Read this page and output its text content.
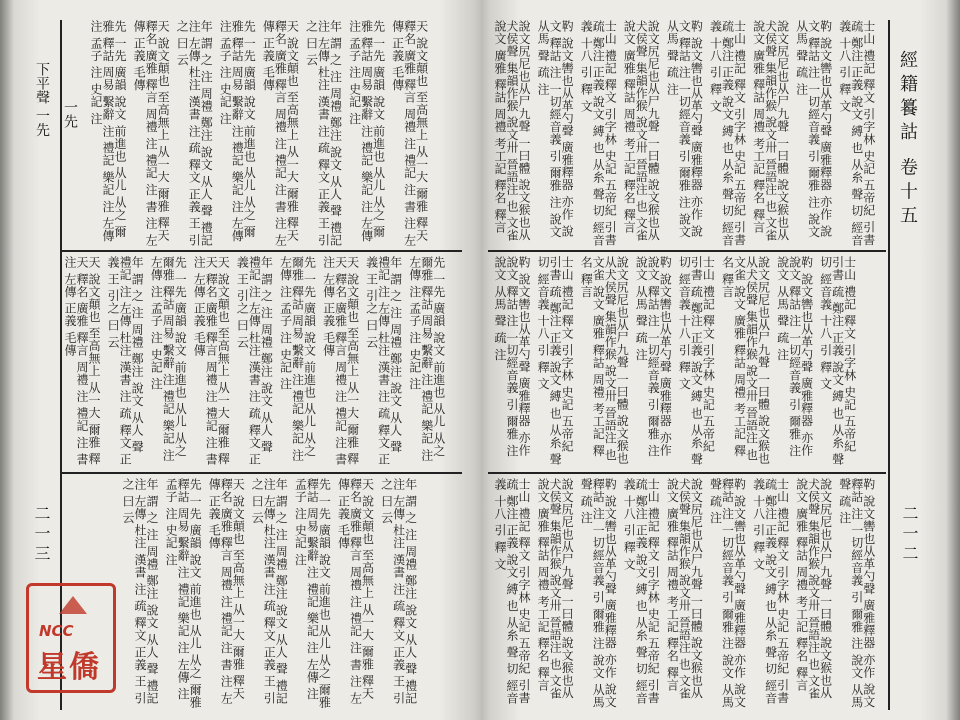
下平聲 一先 一先	先 一先 廣韻 說文 前進也 从儿 从之 爾雅 釋詁 周易 繫辭 注 禮記 樂記 注 左傳 注 孟子 注 史記 注	天 說文顛也 至高無上 从一大 爾雅 釋天 釋名 廣雅 釋言 周禮 注 禮記 注 書 注 左傳 正義 毛傳	年 謂 之 注 周禮 鄭注 說文 从人 聲 禮記 注 左傳 杜注 漢書 注 疏 釋文 正義 王 引之 曰 云	先 一先 廣韻 說文 前進也 从儿 从之 爾雅 釋詁 周易 繫辭 注 禮記 樂記 注 左傳 注 孟子 注 史記 注	天 說文顛也 至高無上 从一大 爾雅 釋天 釋名 廣雅 釋言 周禮 注 禮記 注 書 注 左傳 正義 毛傳	年 謂 之 注 周禮 鄭注 說文 从人 聲 禮記 注 左傳 杜注 漢書 注 疏 釋文 正義 王 引之 曰 云	先 一先 廣韻 說文 前進也 从儿 从之 爾雅 釋詁 周易 繫辭 注 禮記 樂記 注 左傳 注 孟子 注 史記 注	天 說文顛也 至高無上 从一大 爾雅 釋天 釋名 廣雅 釋言 周禮 注 禮記 注 書 注 左傳 正義 毛傳
天 說文顛也 至高無上 从一大 爾雅 釋天 釋名 廣雅 釋言 周禮 注 禮記 注 書 注 左傳 正義 毛傳	年 謂 之 注 周禮 鄭注 說文 从人 聲 禮記 注 左傳 杜注 漢書 注 疏 釋文 正義 王 引之 曰 云	先 一先 廣韻 說文 前進也 从儿 从之 爾雅 釋詁 周易 繫辭 注 禮記 樂記 注 左傳 注 孟子 注 史記 注	天 說文顛也 至高無上 从一大 爾雅 釋天 釋名 廣雅 釋言 周禮 注 禮記 注 書 注 左傳 正義 毛傳	年 謂 之 注 周禮 鄭注 說文 从人 聲 禮記 注 左傳 杜注 漢書 注 疏 釋文 正義 王 引之 曰 云	先 一先 廣韻 說文 前進也 从儿 从之 爾雅 釋詁 周易 繫辭 注 禮記 樂記 注 左傳 注 孟子 注 史記 注	天 說文顛也 至高無上 从一大 爾雅 釋天 釋名 廣雅 釋言 周禮 注 禮記 注 書 注 左傳 正義 毛傳	年 謂 之 注 周禮 鄭注 說文 从人 聲 禮記 注 左傳 杜注 漢書 注 疏 釋文 正義 王 引之 曰 云	先 一先 廣韻 說文 前進也 从儿 从之 爾雅 釋詁 周易 繫辭 注 禮記 樂記 注 左傳 注 孟子 注 史記 注
年 謂 之 注 周禮 鄭注 說文 从人 聲 禮記 注 左傳 杜注 漢書 注 疏 釋文 正義 王 引之 曰 云	先 一先 廣韻 說文 前進也 从儿 从之 爾雅 釋詁 周易 繫辭 注 禮記 樂記 注 左傳 注 孟子 注 史記 注	天 說文顛也 至高無上 从一大 爾雅 釋天 釋名 廣雅 釋言 周禮 注 禮記 注 書 注 左傳 正義 毛傳	年 謂 之 注 周禮 鄭注 說文 从人 聲 禮記 注 左傳 杜注 漢書 注 疏 釋文 正義 王 引之 曰 云	先 一先 廣韻 說文 前進也 从儿 从之 爾雅 釋詁 周易 繫辭 注 禮記 樂記 注 左傳 注 孟子 注 史記 注	天 說文顛也 至高無上 从一大 爾雅 釋天 釋名 廣雅 釋言 周禮 注 禮記 注 書 注 左傳 正義 毛傳	年 謂 之 注 周禮 鄭注 說文 从人 聲 禮記 注 左傳 杜注 漢書 注 疏 釋文 正義 王 引之 曰 云
二一三
經籍籑詁 卷十五
說文尻尼也从尸九聲 一曰體 說文猴也从犬侯聲 集韻作猴 說文卅 晉語注 也 文雀 說文 廣雅 釋詁 周禮 考工記 釋名 釋言	靮 說文轡也从革勺聲 廣雅釋器 亦作 說文 釋詁 注 一切經音義 引 爾雅 注 說文 从馬 聲 疏 注	士山 禮記 釋文 引字林 史記 五帝紀 引書 疏 鄭注 正義 說文 縛 也 从糸 聲 切 經音義 十八 引 釋 文	說文尻尼也从尸九聲 一曰體 說文猴也从犬侯聲 集韻作猴 說文卅 晉語注 也 文雀 說文 廣雅 釋詁 周禮 考工記 釋名 釋言	靮 說文轡也从革勺聲 廣雅釋器 亦作 說文 釋詁 注 一切經音義 引 爾雅 注 說文 从馬 聲 疏 注	士山 禮記 釋文 引字林 史記 五帝紀 引書 疏 鄭注 正義 說文 縛 也 从糸 聲 切 經音義 十八 引 釋 文	說文尻尼也从尸九聲 一曰體 說文猴也从犬侯聲 集韻作猴 說文卅 晉語注 也 文雀 說文 廣雅 釋詁 周禮 考工記 釋名 釋言	靮 說文轡也从革勺聲 廣雅釋器 亦作 說文 釋詁 注 一切經音義 引 爾雅 注 說文 从馬 聲 疏 注	士山 禮記 釋文 引字林 史記 五帝紀 引書 疏 鄭注 正義 說文 縛 也 从糸 聲 切 經音義 十八 引 釋 文
靮 說文轡也从革勺聲 廣雅釋器 亦作 說文 釋詁 注 一切經音義 引 爾雅 注 說文 从馬 聲 疏 注	士山 禮記 釋文 引字林 史記 五帝紀 引書 疏 鄭注 正義 說文 縛 也 从糸 聲 切 經音義 十八 引 釋 文	說文尻尼也从尸九聲 一曰體 說文猴也从犬侯聲 集韻作猴 說文卅 晉語注 也 文雀 說文 廣雅 釋詁 周禮 考工記 釋名 釋言	靮 說文轡也从革勺聲 廣雅釋器 亦作 說文 釋詁 注 一切經音義 引 爾雅 注 說文 从馬 聲 疏 注	士山 禮記 釋文 引字林 史記 五帝紀 引書 疏 鄭注 正義 說文 縛 也 从糸 聲 切 經音義 十八 引 釋 文	說文尻尼也从尸九聲 一曰體 說文猴也从犬侯聲 集韻作猴 說文卅 晉語注 也 文雀 說文 廣雅 釋詁 周禮 考工記 釋名 釋言	靮 說文轡也从革勺聲 廣雅釋器 亦作 說文 釋詁 注 一切經音義 引 爾雅 注 說文 从馬 聲 疏 注	士山 禮記 釋文 引字林 史記 五帝紀 引書 疏 鄭注 正義 說文 縛 也 从糸 聲 切 經音義 十八 引 釋 文
士山 禮記 釋文 引字林 史記 五帝紀 引書 疏 鄭注 正義 說文 縛 也 从糸 聲 切 經音義 十八 引 釋 文	說文尻尼也从尸九聲 一曰體 說文猴也从犬侯聲 集韻作猴 說文卅 晉語注 也 文雀 說文 廣雅 釋詁 周禮 考工記 釋名 釋言	靮 說文轡也从革勺聲 廣雅釋器 亦作 說文 釋詁 注 一切經音義 引 爾雅 注 說文 从馬 聲 疏 注	士山 禮記 釋文 引字林 史記 五帝紀 引書 疏 鄭注 正義 說文 縛 也 从糸 聲 切 經音義 十八 引 釋 文	說文尻尼也从尸九聲 一曰體 說文猴也从犬侯聲 集韻作猴 說文卅 晉語注 也 文雀 說文 廣雅 釋詁 周禮 考工記 釋名 釋言	靮 說文轡也从革勺聲 廣雅釋器 亦作 說文 釋詁 注 一切經音義 引 爾雅 注 說文 从馬 聲 疏 注	士山 禮記 釋文 引字林 史記 五帝紀 引書 疏 鄭注 正義 說文 縛 也 从糸 聲 切 經音義 十八 引 釋 文	說文尻尼也从尸九聲 一曰體 說文猴也从犬侯聲 集韻作猴 說文卅 晉語注 也 文雀 說文 廣雅 釋詁 周禮 考工記 釋名 釋言	靮 說文轡也从革勺聲 廣雅釋器 亦作 說文 釋詁 注 一切經音義 引 爾雅 注 說文 从馬 聲 疏 注
二一二
NCC
星僑
